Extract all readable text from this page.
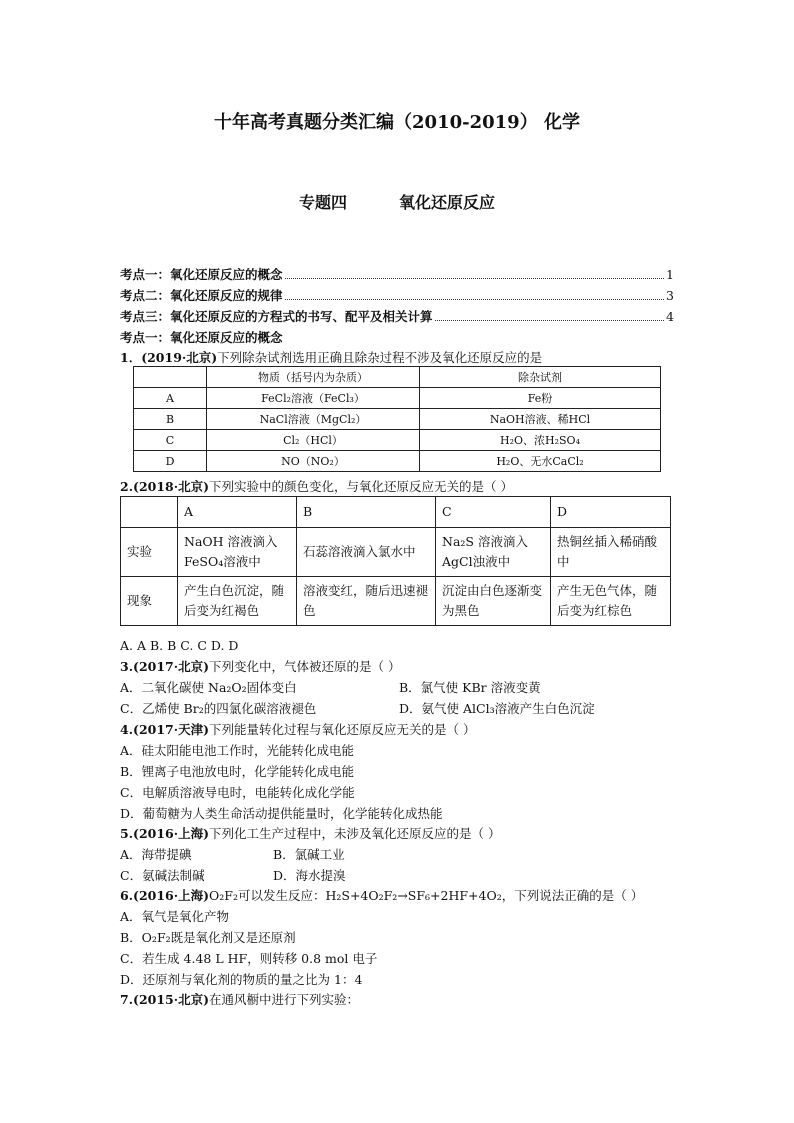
十年高考真题分类汇编（2010-2019） 化学
专题四	氧化还原反应
考点一：氧化还原反应的概念	1
考点二：氧化还原反应的规律	3
考点三：氧化还原反应的方程式的书写、配平及相关计算	4
考点一：氧化还原反应的概念
1．(2019·北京)下列除杂试剂选用正确且除杂过程不涉及氧化还原反应的是
	物质（括号内为杂质）	除杂试剂
A	FeCl₂溶液（FeCl₃）	Fe粉
B	NaCl溶液（MgCl₂）	NaOH溶液、稀HCl
C	Cl₂（HCl）	H₂O、浓H₂SO₄
D	NO（NO₂）	H₂O、无水CaCl₂
2.(2018·北京)下列实验中的颜色变化，与氧化还原反应无关的是（ ）
	A	B	C	D
实验	NaOH 溶液滴入FeSO₄溶液中	石蕊溶液滴入氯水中	Na₂S 溶液滴入AgCl浊液中	热铜丝插入稀硝酸中
现象	产生白色沉淀，随后变为红褐色	溶液变红，随后迅速褪色	沉淀由白色逐渐变为黑色	产生无色气体，随后变为红棕色
A. A B. B C. C D. D
3.(2017·北京)下列变化中，气体被还原的是（ ）
A．二氧化碳使 Na₂O₂固体变白	B．氯气使 KBr 溶液变黄
C．乙烯使 Br₂的四氯化碳溶液褪色	D．氨气使 AlCl₃溶液产生白色沉淀
4.(2017·天津)下列能量转化过程与氧化还原反应无关的是（ ）
A．硅太阳能电池工作时，光能转化成电能
B．锂离子电池放电时，化学能转化成电能
C．电解质溶液导电时，电能转化成化学能
D．葡萄糖为人类生命活动提供能量时，化学能转化成热能
5.(2016·上海)下列化工生产过程中，未涉及氧化还原反应的是（ ）
A．海带提碘	B．氯碱工业
C．氨碱法制碱	D．海水提溴
6.(2016·上海)O₂F₂可以发生反应：H₂S+4O₂F₂→SF₆+2HF+4O₂，下列说法正确的是（ ）
A．氧气是氧化产物
B．O₂F₂既是氧化剂又是还原剂
C．若生成 4.48 L HF，则转移 0.8 mol 电子
D．还原剂与氧化剂的物质的量之比为 1：4
7.(2015·北京)在通风橱中进行下列实验：
